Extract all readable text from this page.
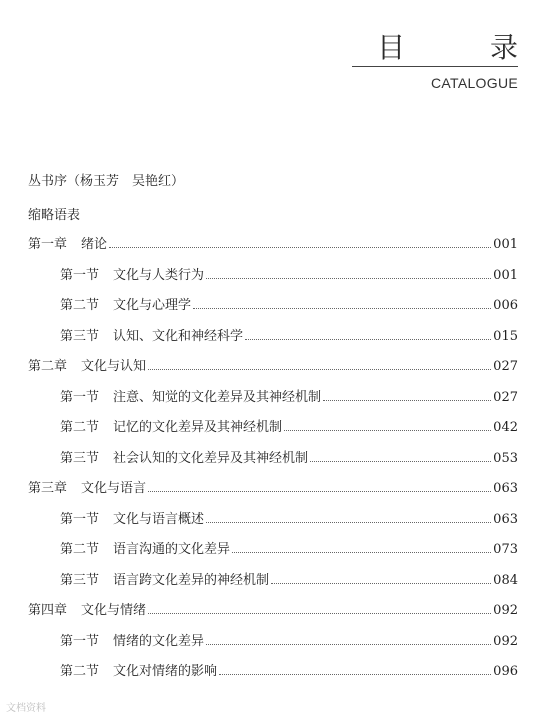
目 录
CATALOGUE
丛书序（杨玉芳　吴艳红）
缩略语表
第一章 绪论	001
第一节 文化与人类行为	001
第二节 文化与心理学	006
第三节 认知、文化和神经科学	015
第二章 文化与认知	027
第一节 注意、知觉的文化差异及其神经机制	027
第二节 记忆的文化差异及其神经机制	042
第三节 社会认知的文化差异及其神经机制	053
第三章 文化与语言	063
第一节 文化与语言概述	063
第二节 语言沟通的文化差异	073
第三节 语言跨文化差异的神经机制	084
第四章 文化与情绪	092
第一节 情绪的文化差异	092
第二节 文化对情绪的影响	096
文档资料
